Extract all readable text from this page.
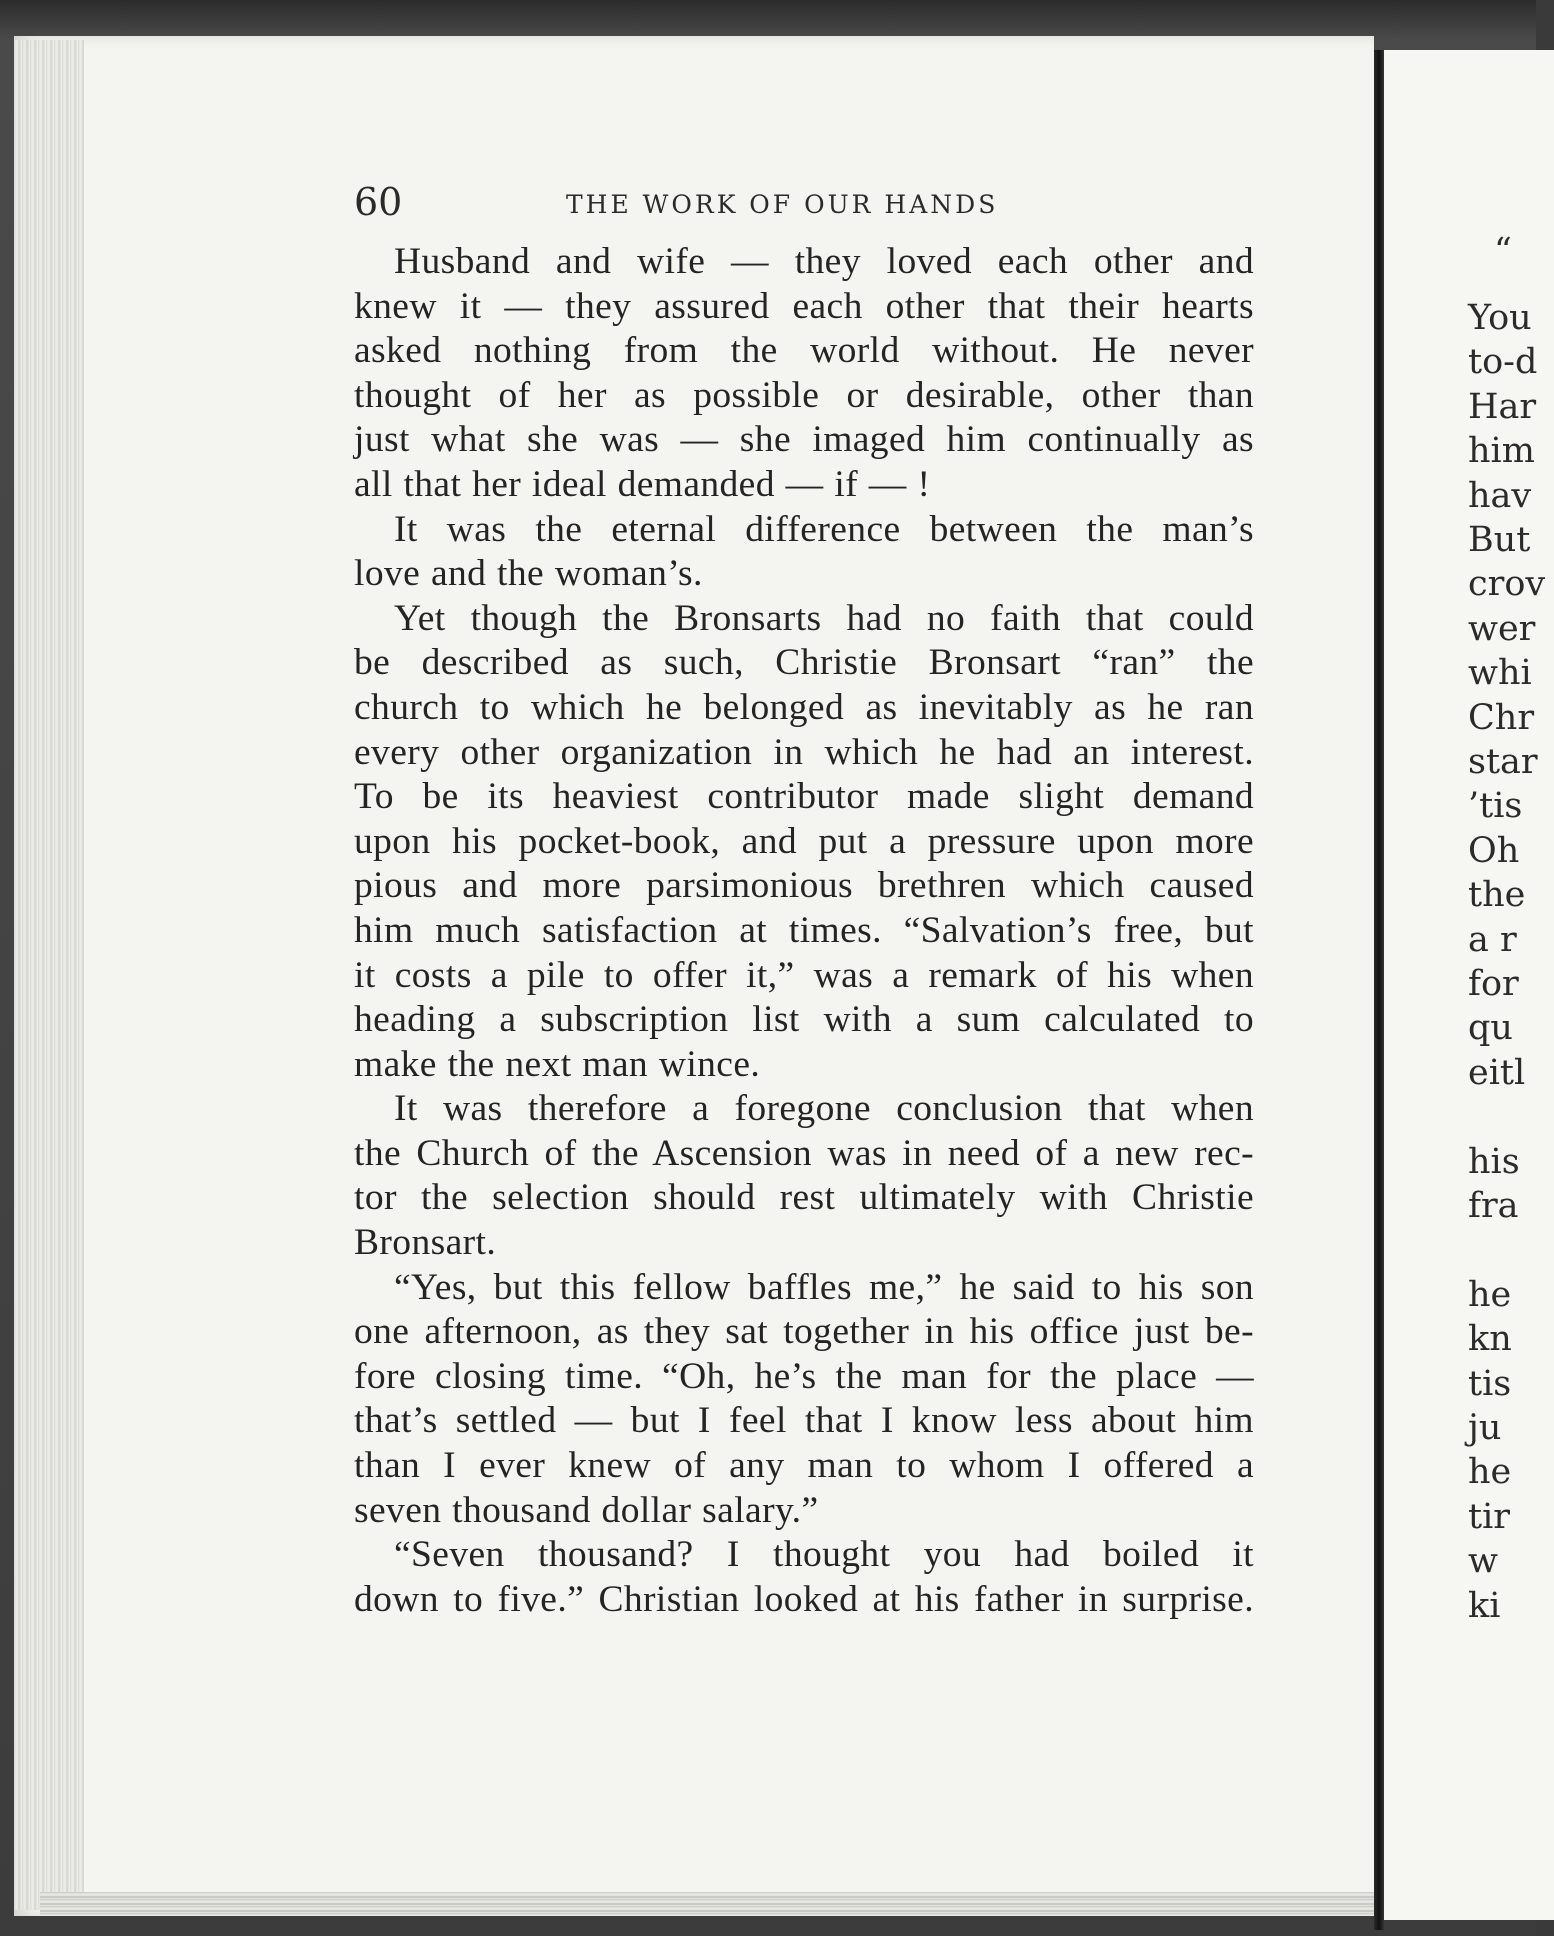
60	THE WORK OF OUR HANDS
Husband and wife — they loved each other and
knew it — they assured each other that their hearts
asked nothing from the world without. He never
thought of her as possible or desirable, other than
just what she was — she imaged him continually as
all that her ideal demanded — if — !
It was the eternal difference between the man’s
love and the woman’s.
Yet though the Bronsarts had no faith that could
be described as such, Christie Bronsart “ran” the
church to which he belonged as inevitably as he ran
every other organization in which he had an interest.
To be its heaviest contributor made slight demand
upon his pocket-book, and put a pressure upon more
pious and more parsimonious brethren which caused
him much satisfaction at times. “Salvation’s free, but
it costs a pile to offer it,” was a remark of his when
heading a subscription list with a sum calculated to
make the next man wince.
It was therefore a foregone conclusion that when
the Church of the Ascension was in need of a new rec-
tor the selection should rest ultimately with Christie
Bronsart.
“Yes, but this fellow baffles me,” he said to his son
one afternoon, as they sat together in his office just be-
fore closing time. “Oh, he’s the man for the place —
that’s settled — but I feel that I know less about him
than I ever knew of any man to whom I offered a
seven thousand dollar salary.”
“Seven thousand? I thought you had boiled it
down to five.” Christian looked at his father in surprise.
“
You
to-d
Har
him
hav
But
crov
wer
whi
Chr
star
’tis
Oh
the
a r
for
qu
eitl
his
fra
he
kn
tis
ju
he
tir
w
ki
